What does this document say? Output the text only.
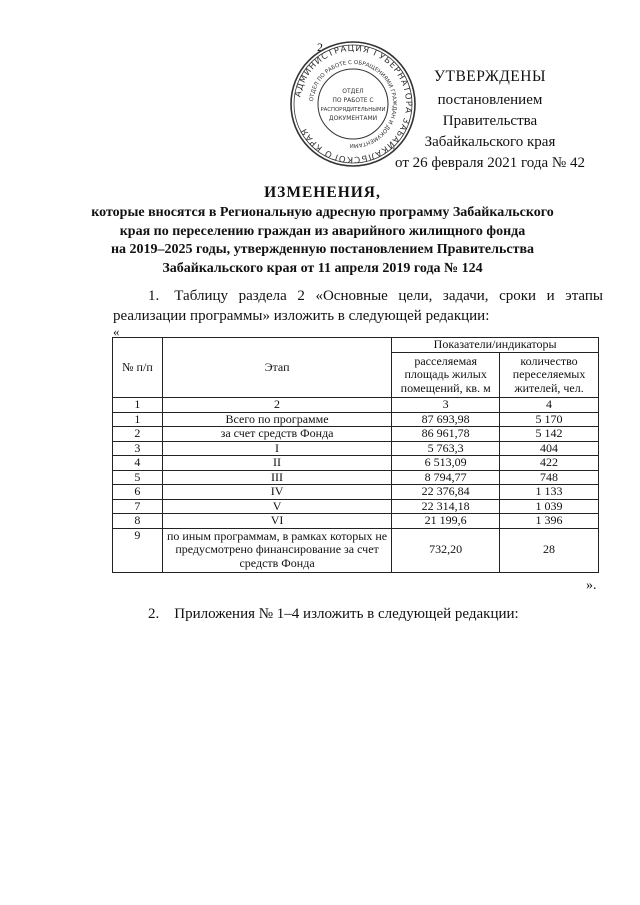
2
АДМИНИСТРАЦИЯ ГУБЕРНАТОРА ЗАБАЙКАЛЬСКОГО КРАЯ
ОТДЕЛ ПО РАБОТЕ С ОБРАЩЕНИЯМИ ГРАЖДАН И ДОКУМЕНТАМИ
ОТДЕЛ
ПО РАБОТЕ С
РАСПОРЯДИТЕЛЬНЫМИ
ДОКУМЕНТАМИ
УТВЕРЖДЕНЫ
постановлением Правительства
Забайкальского края
от 26 февраля 2021 года № 42
ИЗМЕНЕНИЯ,
которые вносятся в Региональную адресную программу Забайкальского
края по переселению граждан из аварийного жилищного фонда
на 2019–2025 годы, утвержденную постановлением Правительства
Забайкальского края от 11 апреля 2019 года № 124
1. Таблицу раздела 2 «Основные цели, задачи, сроки и этапы реализации программы» изложить в следующей редакции:
«
№ п/п	Этап	Показатели/индикаторы	
		расселяемая площадь жилых помещений, кв. м	количество переселяемых жителей, чел.
1	2	3	4
1	Всего по программе	87 693,98	5 170
2	за счет средств Фонда	86 961,78	5 142
3	I	5 763,3	404
4	II	6 513,09	422
5	III	8 794,77	748
6	IV	22 376,84	1 133
7	V	22 314,18	1 039
8	VI	21 199,6	1 396
9	по иным программам, в рамках которых не предусмотрено финансирование за счет средств Фонда	732,20	28
».
2. Приложения № 1–4 изложить в следующей редакции:
